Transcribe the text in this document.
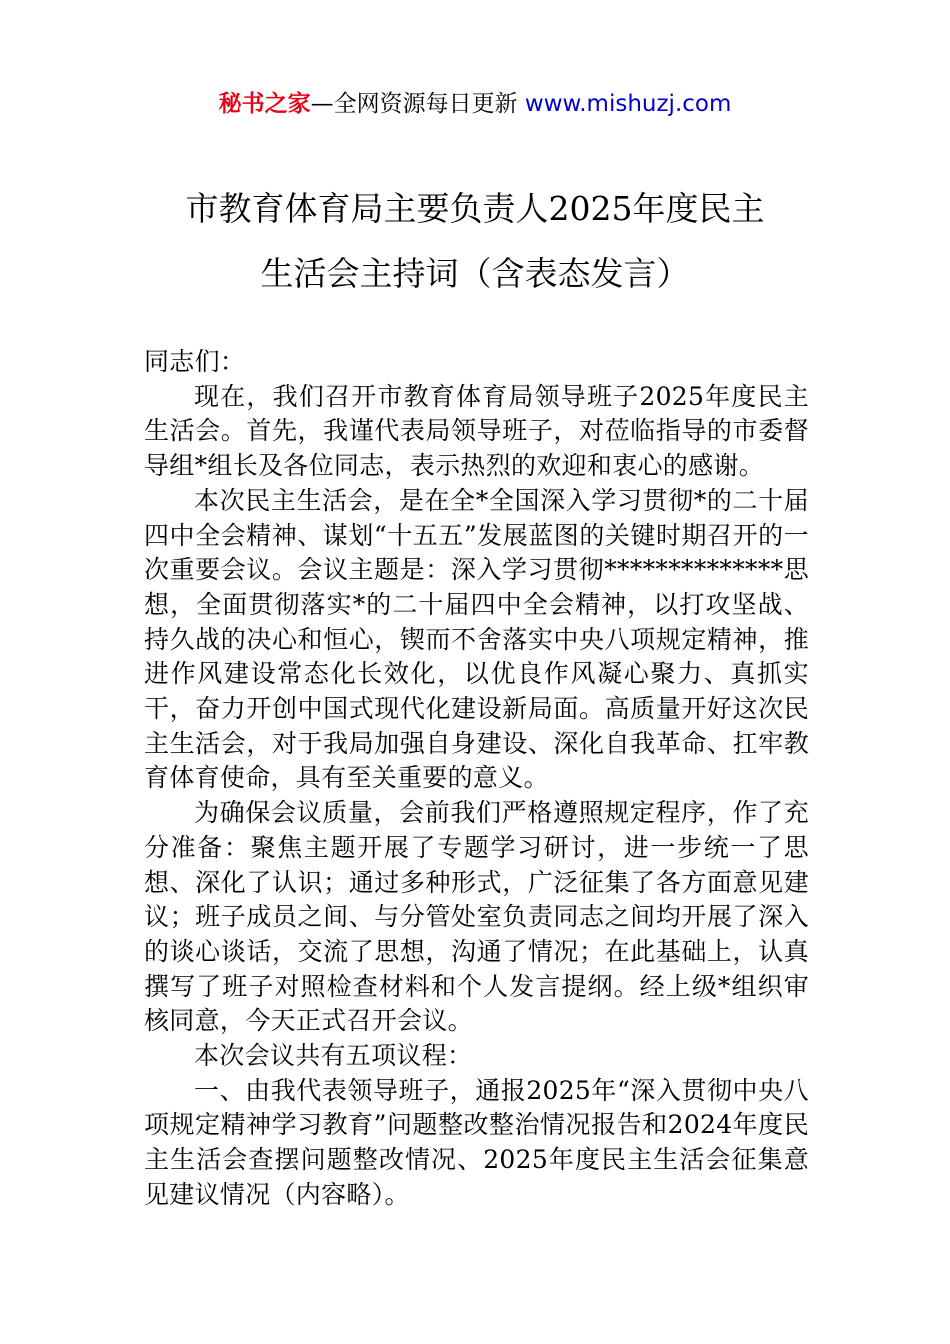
秘书之家—全网资源每日更新 www.mishuzj.com
市教育体育局主要负责人2025年度民主
生活会主持词（含表态发言）

同志们：

现在，我们召开市教育体育局领导班子2025年度民主生活会。首先，我谨代表局领导班子，对莅临指导的市委督导组*组长及各位同志，表示热烈的欢迎和衷心的感谢。

本次民主生活会，是在全*全国深入学习贯彻*的二十届四中全会精神、谋划“十五五”发展蓝图的关键时期召开的一次重要会议。会议主题是：深入学习贯彻**************思想，全面贯彻落实*的二十届四中全会精神，以打攻坚战、持久战的决心和恒心，锲而不舍落实中央八项规定精神，推进作风建设常态化长效化，以优良作风凝心聚力、真抓实干，奋力开创中国式现代化建设新局面。高质量开好这次民主生活会，对于我局加强自身建设、深化自我革命、扛牢教育体育使命，具有至关重要的意义。

为确保会议质量，会前我们严格遵照规定程序，作了充分准备：聚焦主题开展了专题学习研讨，进一步统一了思想、深化了认识；通过多种形式，广泛征集了各方面意见建议；班子成员之间、与分管处室负责同志之间均开展了深入的谈心谈话，交流了思想，沟通了情况；在此基础上，认真撰写了班子对照检查材料和个人发言提纲。经上级*组织审核同意，今天正式召开会议。

本次会议共有五项议程：

一、由我代表领导班子，通报2025年“深入贯彻中央八项规定精神学习教育”问题整改整治情况报告和2024年度民主生活会查摆问题整改情况、2025年度民主生活会征集意见建议情况（内容略）。
